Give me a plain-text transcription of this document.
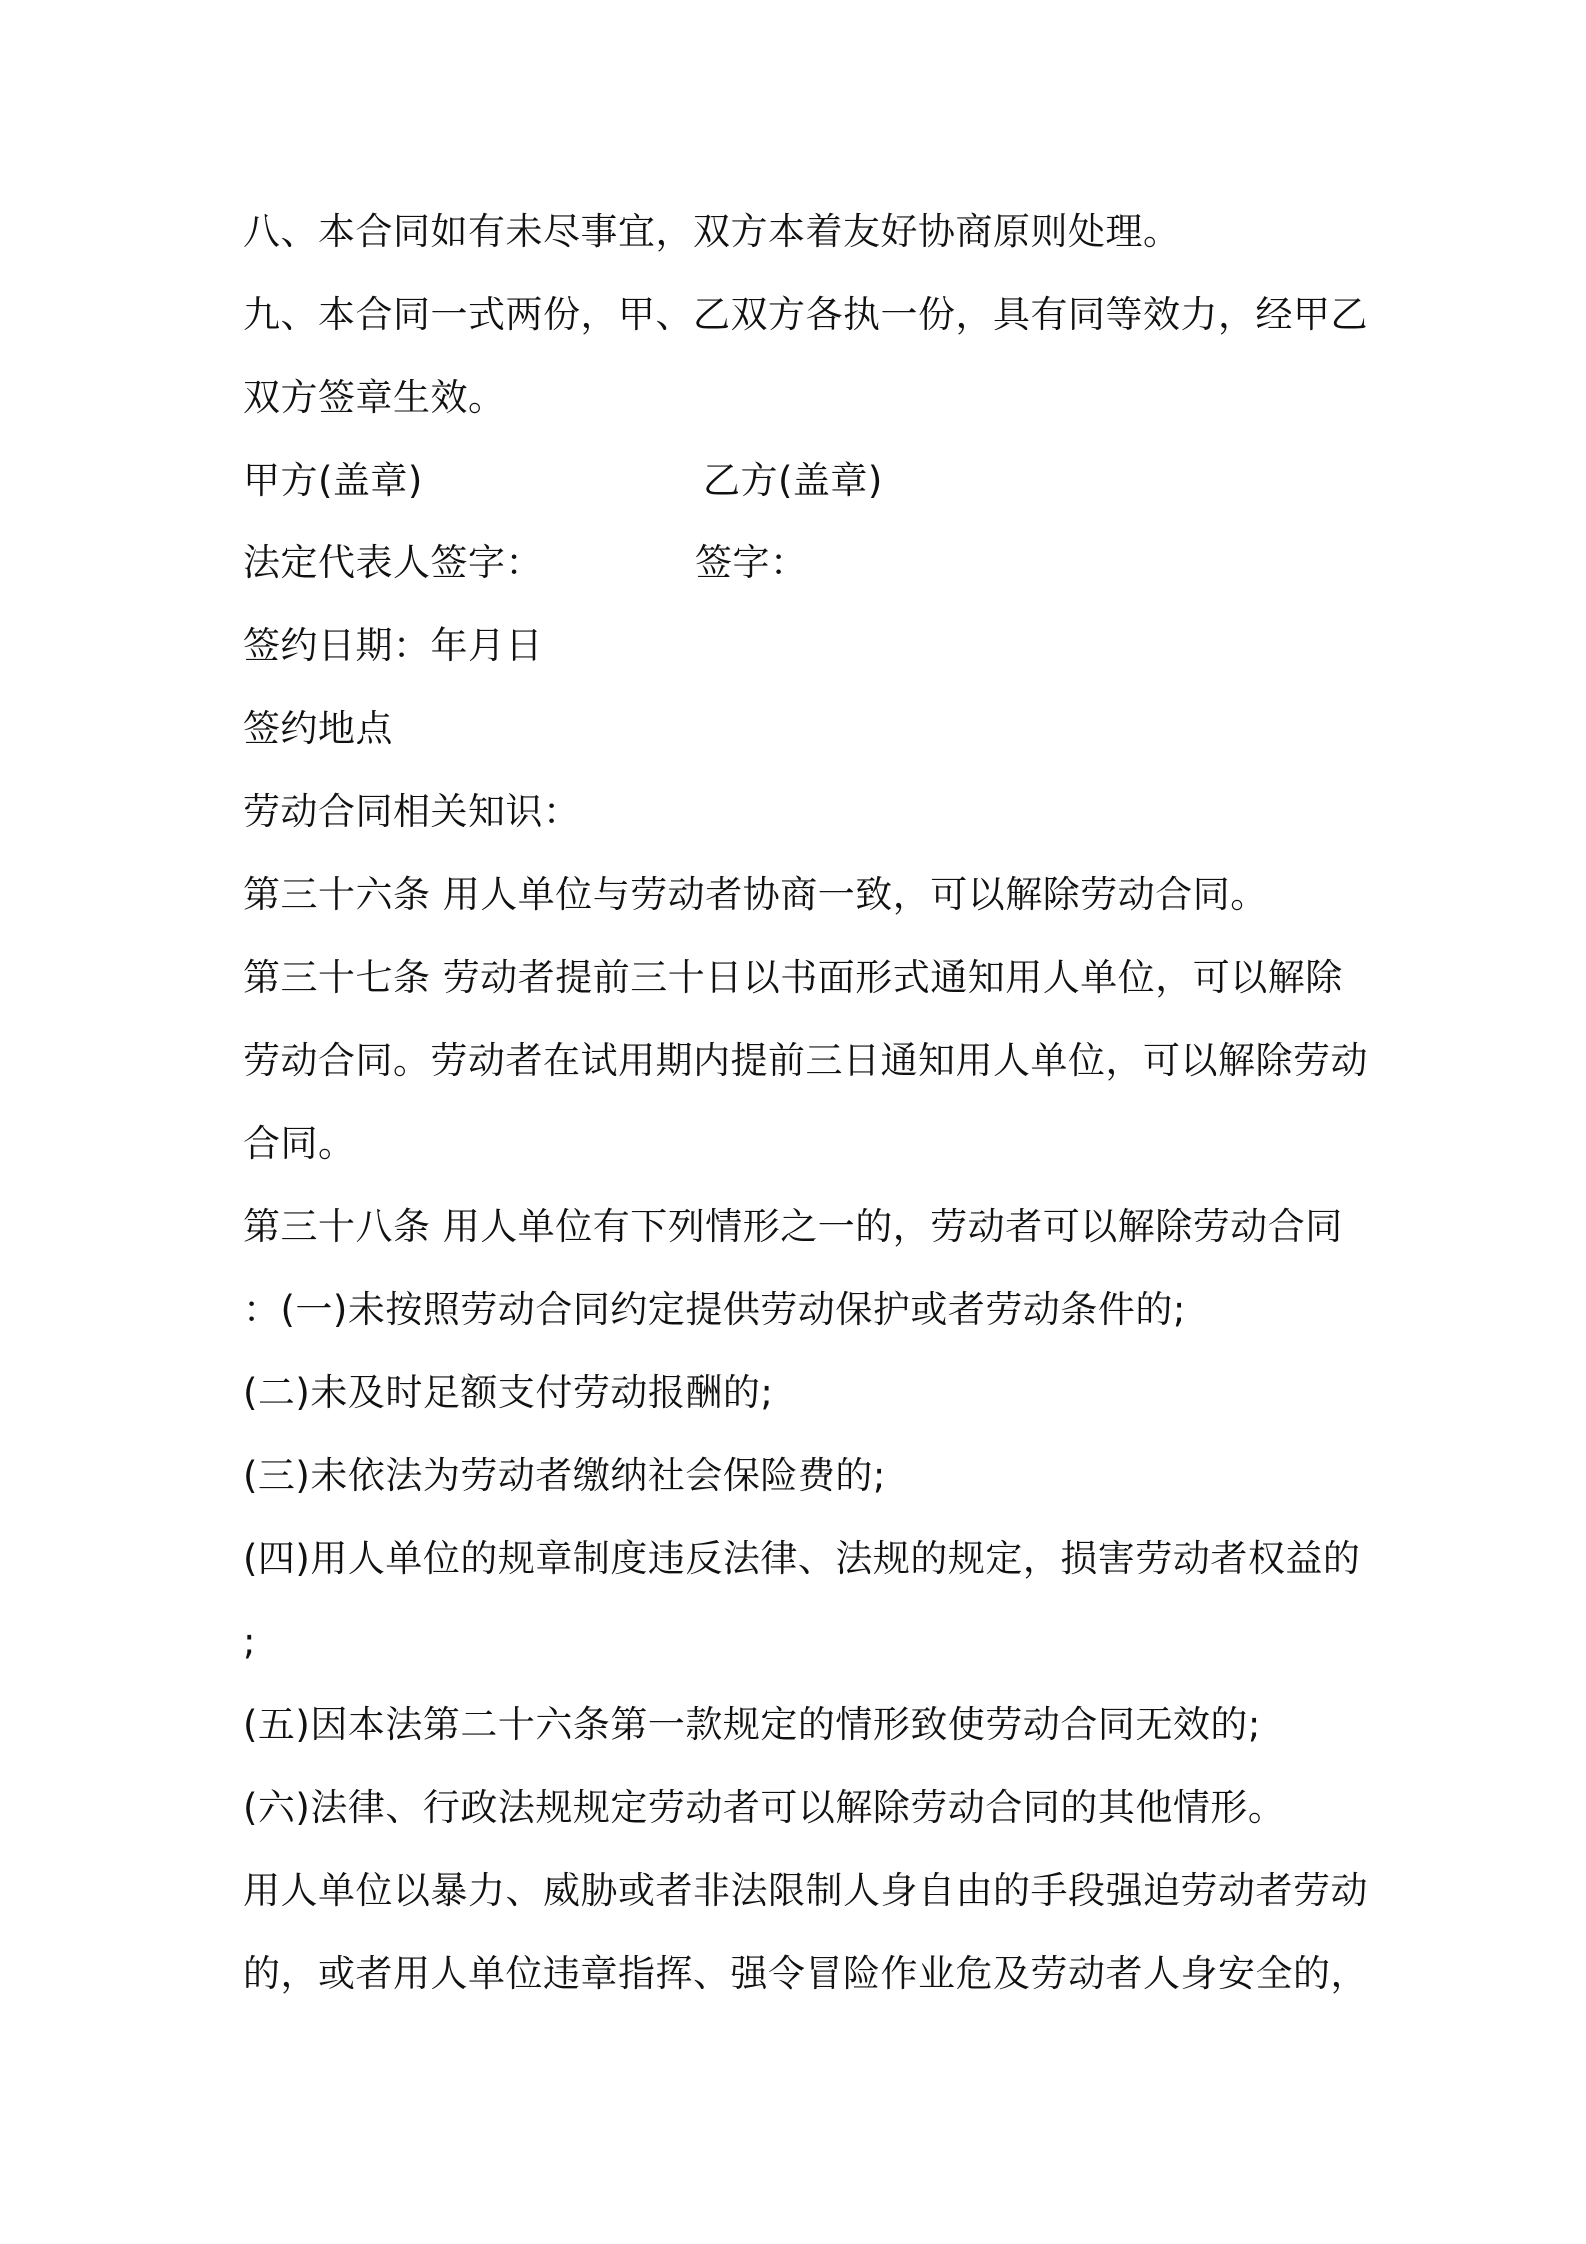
八、本合同如有未尽事宜，双方本着友好协商原则处理。
九、本合同一式两份，甲、乙双方各执一份，具有同等效力，经甲乙
双方签章生效。
甲方(盖章)	乙方(盖章)
法定代表人签字：	签字：
签约日期：年月日
签约地点
劳动合同相关知识：
第三十六条 用人单位与劳动者协商一致，可以解除劳动合同。
第三十七条 劳动者提前三十日以书面形式通知用人单位，可以解除
劳动合同。劳动者在试用期内提前三日通知用人单位，可以解除劳动
合同。
第三十八条 用人单位有下列情形之一的，劳动者可以解除劳动合同
：(一)未按照劳动合同约定提供劳动保护或者劳动条件的;
(二)未及时足额支付劳动报酬的;
(三)未依法为劳动者缴纳社会保险费的;
(四)用人单位的规章制度违反法律、法规的规定，损害劳动者权益的
;
(五)因本法第二十六条第一款规定的情形致使劳动合同无效的;
(六)法律、行政法规规定劳动者可以解除劳动合同的其他情形。
用人单位以暴力、威胁或者非法限制人身自由的手段强迫劳动者劳动
的，或者用人单位违章指挥、强令冒险作业危及劳动者人身安全的，
